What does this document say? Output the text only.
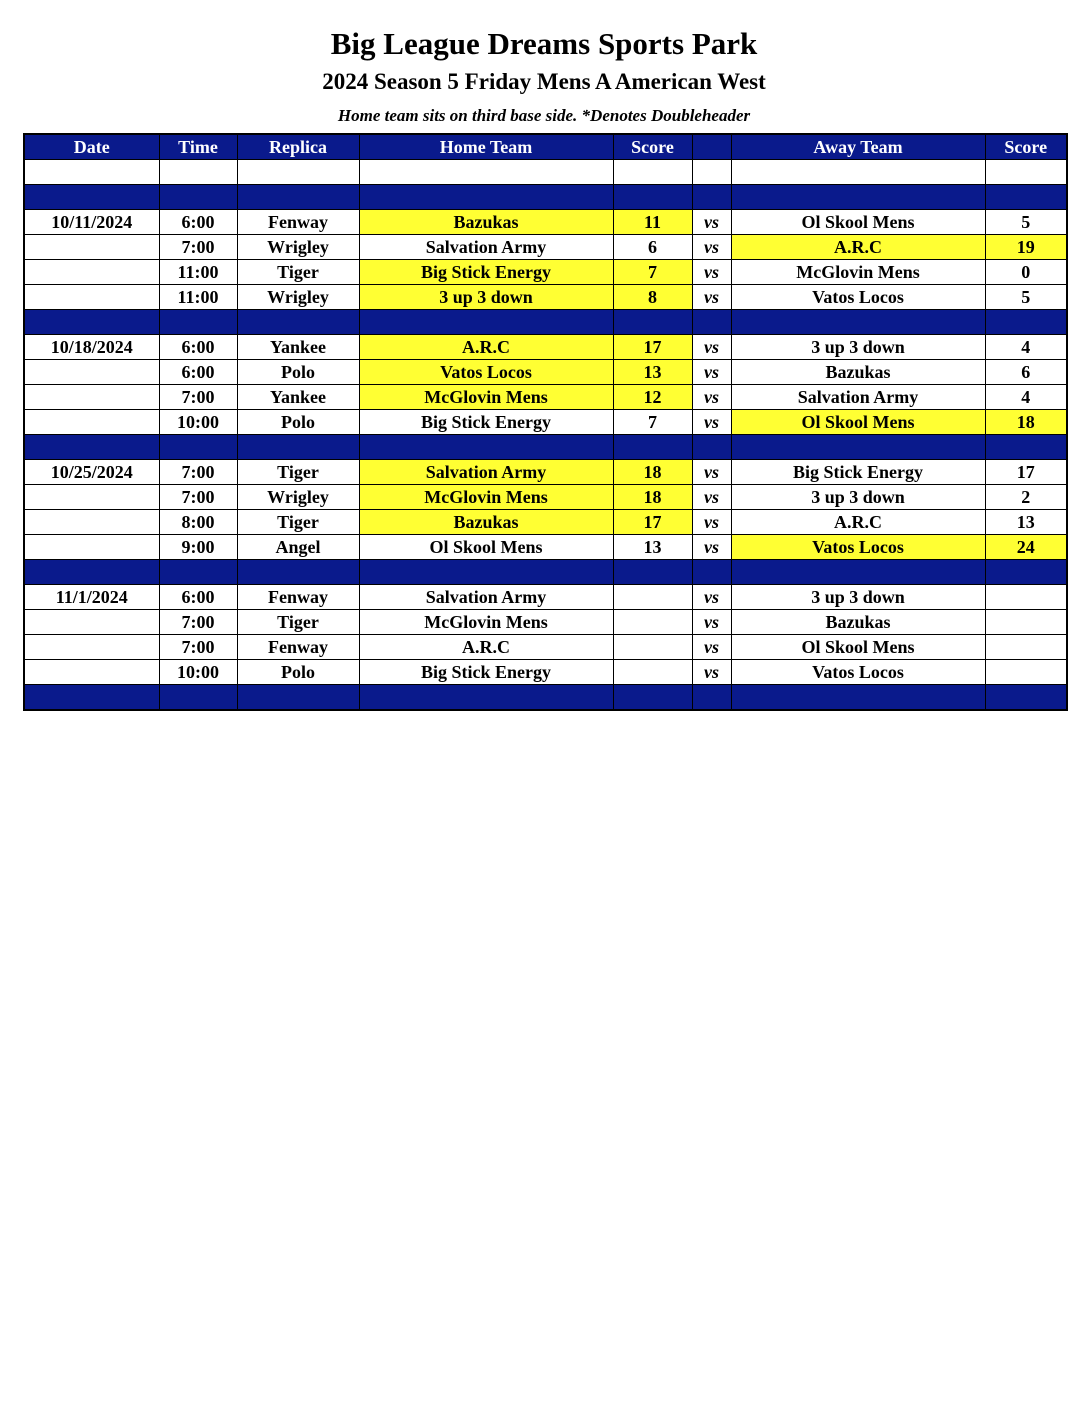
Big League Dreams Sports Park
2024 Season 5 Friday Mens A American West
Home team sits on third base side. *Denotes Doubleheader
Date	Time	Replica	Home Team	Score		Away Team	Score

10/11/2024	6:00	Fenway	Bazukas	11	vs	Ol Skool Mens	5
	7:00	Wrigley	Salvation Army	6	vs	A.R.C	19
	11:00	Tiger	Big Stick Energy	7	vs	McGlovin Mens	0
	11:00	Wrigley	3 up 3 down	8	vs	Vatos Locos	5

10/18/2024	6:00	Yankee	A.R.C	17	vs	3 up 3 down	4
	6:00	Polo	Vatos Locos	13	vs	Bazukas	6
	7:00	Yankee	McGlovin Mens	12	vs	Salvation Army	4
	10:00	Polo	Big Stick Energy	7	vs	Ol Skool Mens	18

10/25/2024	7:00	Tiger	Salvation Army	18	vs	Big Stick Energy	17
	7:00	Wrigley	McGlovin Mens	18	vs	3 up 3 down	2
	8:00	Tiger	Bazukas	17	vs	A.R.C	13
	9:00	Angel	Ol Skool Mens	13	vs	Vatos Locos	24

11/1/2024	6:00	Fenway	Salvation Army		vs	3 up 3 down	
	7:00	Tiger	McGlovin Mens		vs	Bazukas	
	7:00	Fenway	A.R.C		vs	Ol Skool Mens	
	10:00	Polo	Big Stick Energy		vs	Vatos Locos	
